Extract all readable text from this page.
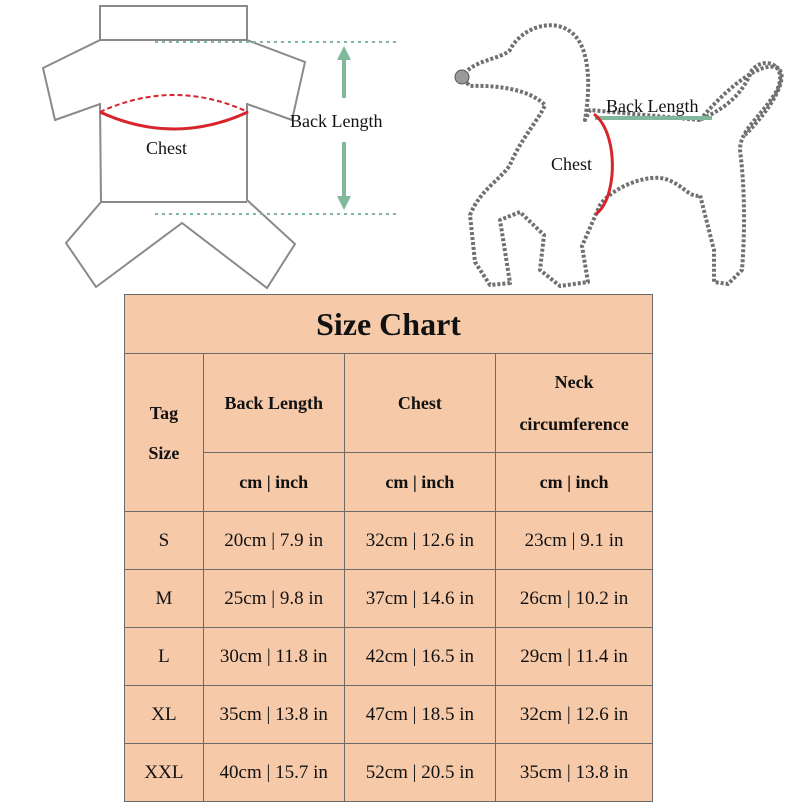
Chest
Back Length
Back Length
Chest
Size Chart			

Tag
Size	Back Length	Chest	Neck
circumference

	cm | inch	cm | inch	cm | inch
S	20cm | 7.9 in	32cm | 12.6 in	23cm | 9.1 in
M	25cm | 9.8 in	37cm | 14.6 in	26cm | 10.2 in
L	30cm | 11.8 in	42cm | 16.5 in	29cm | 11.4 in
XL	35cm | 13.8 in	47cm | 18.5 in	32cm | 12.6 in
XXL	40cm | 15.7 in	52cm | 20.5 in	35cm | 13.8 in
